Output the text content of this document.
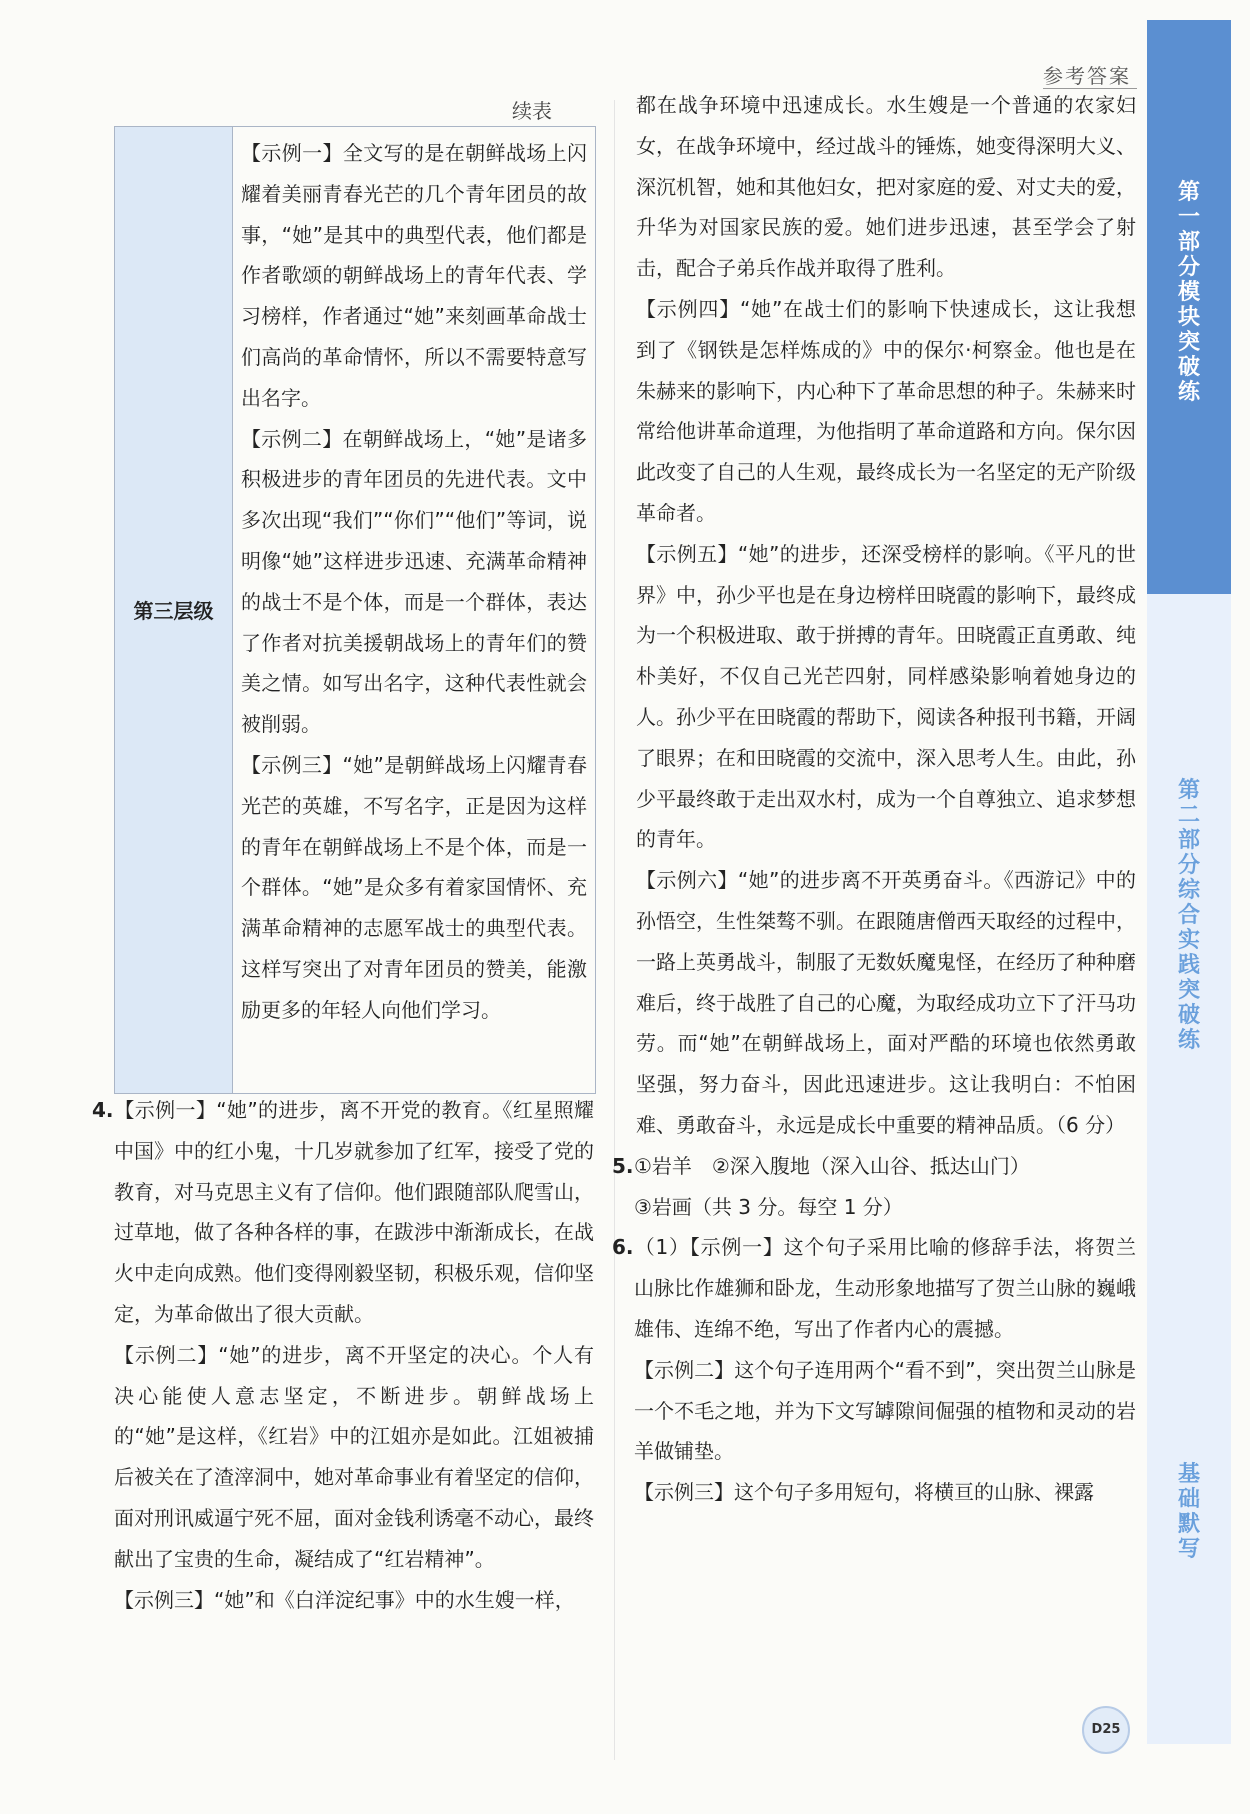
参考答案
第一部分 模块突破练
第二部分 综合实践突破练
基础默写
续表
第三层级

【示例一】全文写的是在朝鲜战场上闪耀着美丽青春光芒的几个青年团员的故事，“她”是其中的典型代表，他们都是作者歌颂的朝鲜战场上的青年代表、学习榜样，作者通过“她”来刻画革命战士们高尚的革命情怀，所以不需要特意写出名字。

【示例二】在朝鲜战场上，“她”是诸多积极进步的青年团员的先进代表。文中多次出现“我们”“你们”“他们”等词，说明像“她”这样进步迅速、充满革命精神的战士不是个体，而是一个群体，表达了作者对抗美援朝战场上的青年们的赞美之情。如写出名字，这种代表性就会被削弱。

【示例三】“她”是朝鲜战场上闪耀青春光芒的英雄，不写名字，正是因为这样的青年在朝鲜战场上不是个体，而是一个群体。“她”是众多有着家国情怀、充满革命精神的志愿军战士的典型代表。这样写突出了对青年团员的赞美，能激励更多的年轻人向他们学习。

4.【示例一】“她”的进步，离不开党的教育。《红星照耀中国》中的红小鬼，十几岁就参加了红军，接受了党的教育，对马克思主义有了信仰。他们跟随部队爬雪山，过草地，做了各种各样的事，在跋涉中渐渐成长，在战火中走向成熟。他们变得刚毅坚韧，积极乐观，信仰坚定，为革命做出了很大贡献。

【示例二】“她”的进步，离不开坚定的决心。个人有决心能使人意志坚定，不断进步。朝鲜战场上的“她”是这样，《红岩》中的江姐亦是如此。江姐被捕后被关在了渣滓洞中，她对革命事业有着坚定的信仰，面对刑讯威逼宁死不屈，面对金钱利诱毫不动心，最终献出了宝贵的生命，凝结成了“红岩精神”。

【示例三】“她”和《白洋淀纪事》中的水生嫂一样，

都在战争环境中迅速成长。水生嫂是一个普通的农家妇女，在战争环境中，经过战斗的锤炼，她变得深明大义、深沉机智，她和其他妇女，把对家庭的爱、对丈夫的爱，升华为对国家民族的爱。她们进步迅速，甚至学会了射击，配合子弟兵作战并取得了胜利。

【示例四】“她”在战士们的影响下快速成长，这让我想到了《钢铁是怎样炼成的》中的保尔·柯察金。他也是在朱赫来的影响下，内心种下了革命思想的种子。朱赫来时常给他讲革命道理，为他指明了革命道路和方向。保尔因此改变了自己的人生观，最终成长为一名坚定的无产阶级革命者。

【示例五】“她”的进步，还深受榜样的影响。《平凡的世界》中，孙少平也是在身边榜样田晓霞的影响下，最终成为一个积极进取、敢于拼搏的青年。田晓霞正直勇敢、纯朴美好，不仅自己光芒四射，同样感染影响着她身边的人。孙少平在田晓霞的帮助下，阅读各种报刊书籍，开阔了眼界；在和田晓霞的交流中，深入思考人生。由此，孙少平最终敢于走出双水村，成为一个自尊独立、追求梦想的青年。

【示例六】“她”的进步离不开英勇奋斗。《西游记》中的孙悟空，生性桀骜不驯。在跟随唐僧西天取经的过程中，一路上英勇战斗，制服了无数妖魔鬼怪，在经历了种种磨难后，终于战胜了自己的心魔，为取经成功立下了汗马功劳。而“她”在朝鲜战场上，面对严酷的环境也依然勇敢坚强，努力奋斗，因此迅速进步。这让我明白：不怕困难、勇敢奋斗，永远是成长中重要的精神品质。（6 分）

5.①岩羊　②深入腹地（深入山谷、抵达山门）

③岩画（共 3 分。每空 1 分）

6.（1）【示例一】这个句子采用比喻的修辞手法，将贺兰山脉比作雄狮和卧龙，生动形象地描写了贺兰山脉的巍峨雄伟、连绵不绝，写出了作者内心的震撼。

【示例二】这个句子连用两个“看不到”，突出贺兰山脉是一个不毛之地，并为下文写罅隙间倔强的植物和灵动的岩羊做铺垫。

【示例三】这个句子多用短句，将横亘的山脉、裸露

D25
